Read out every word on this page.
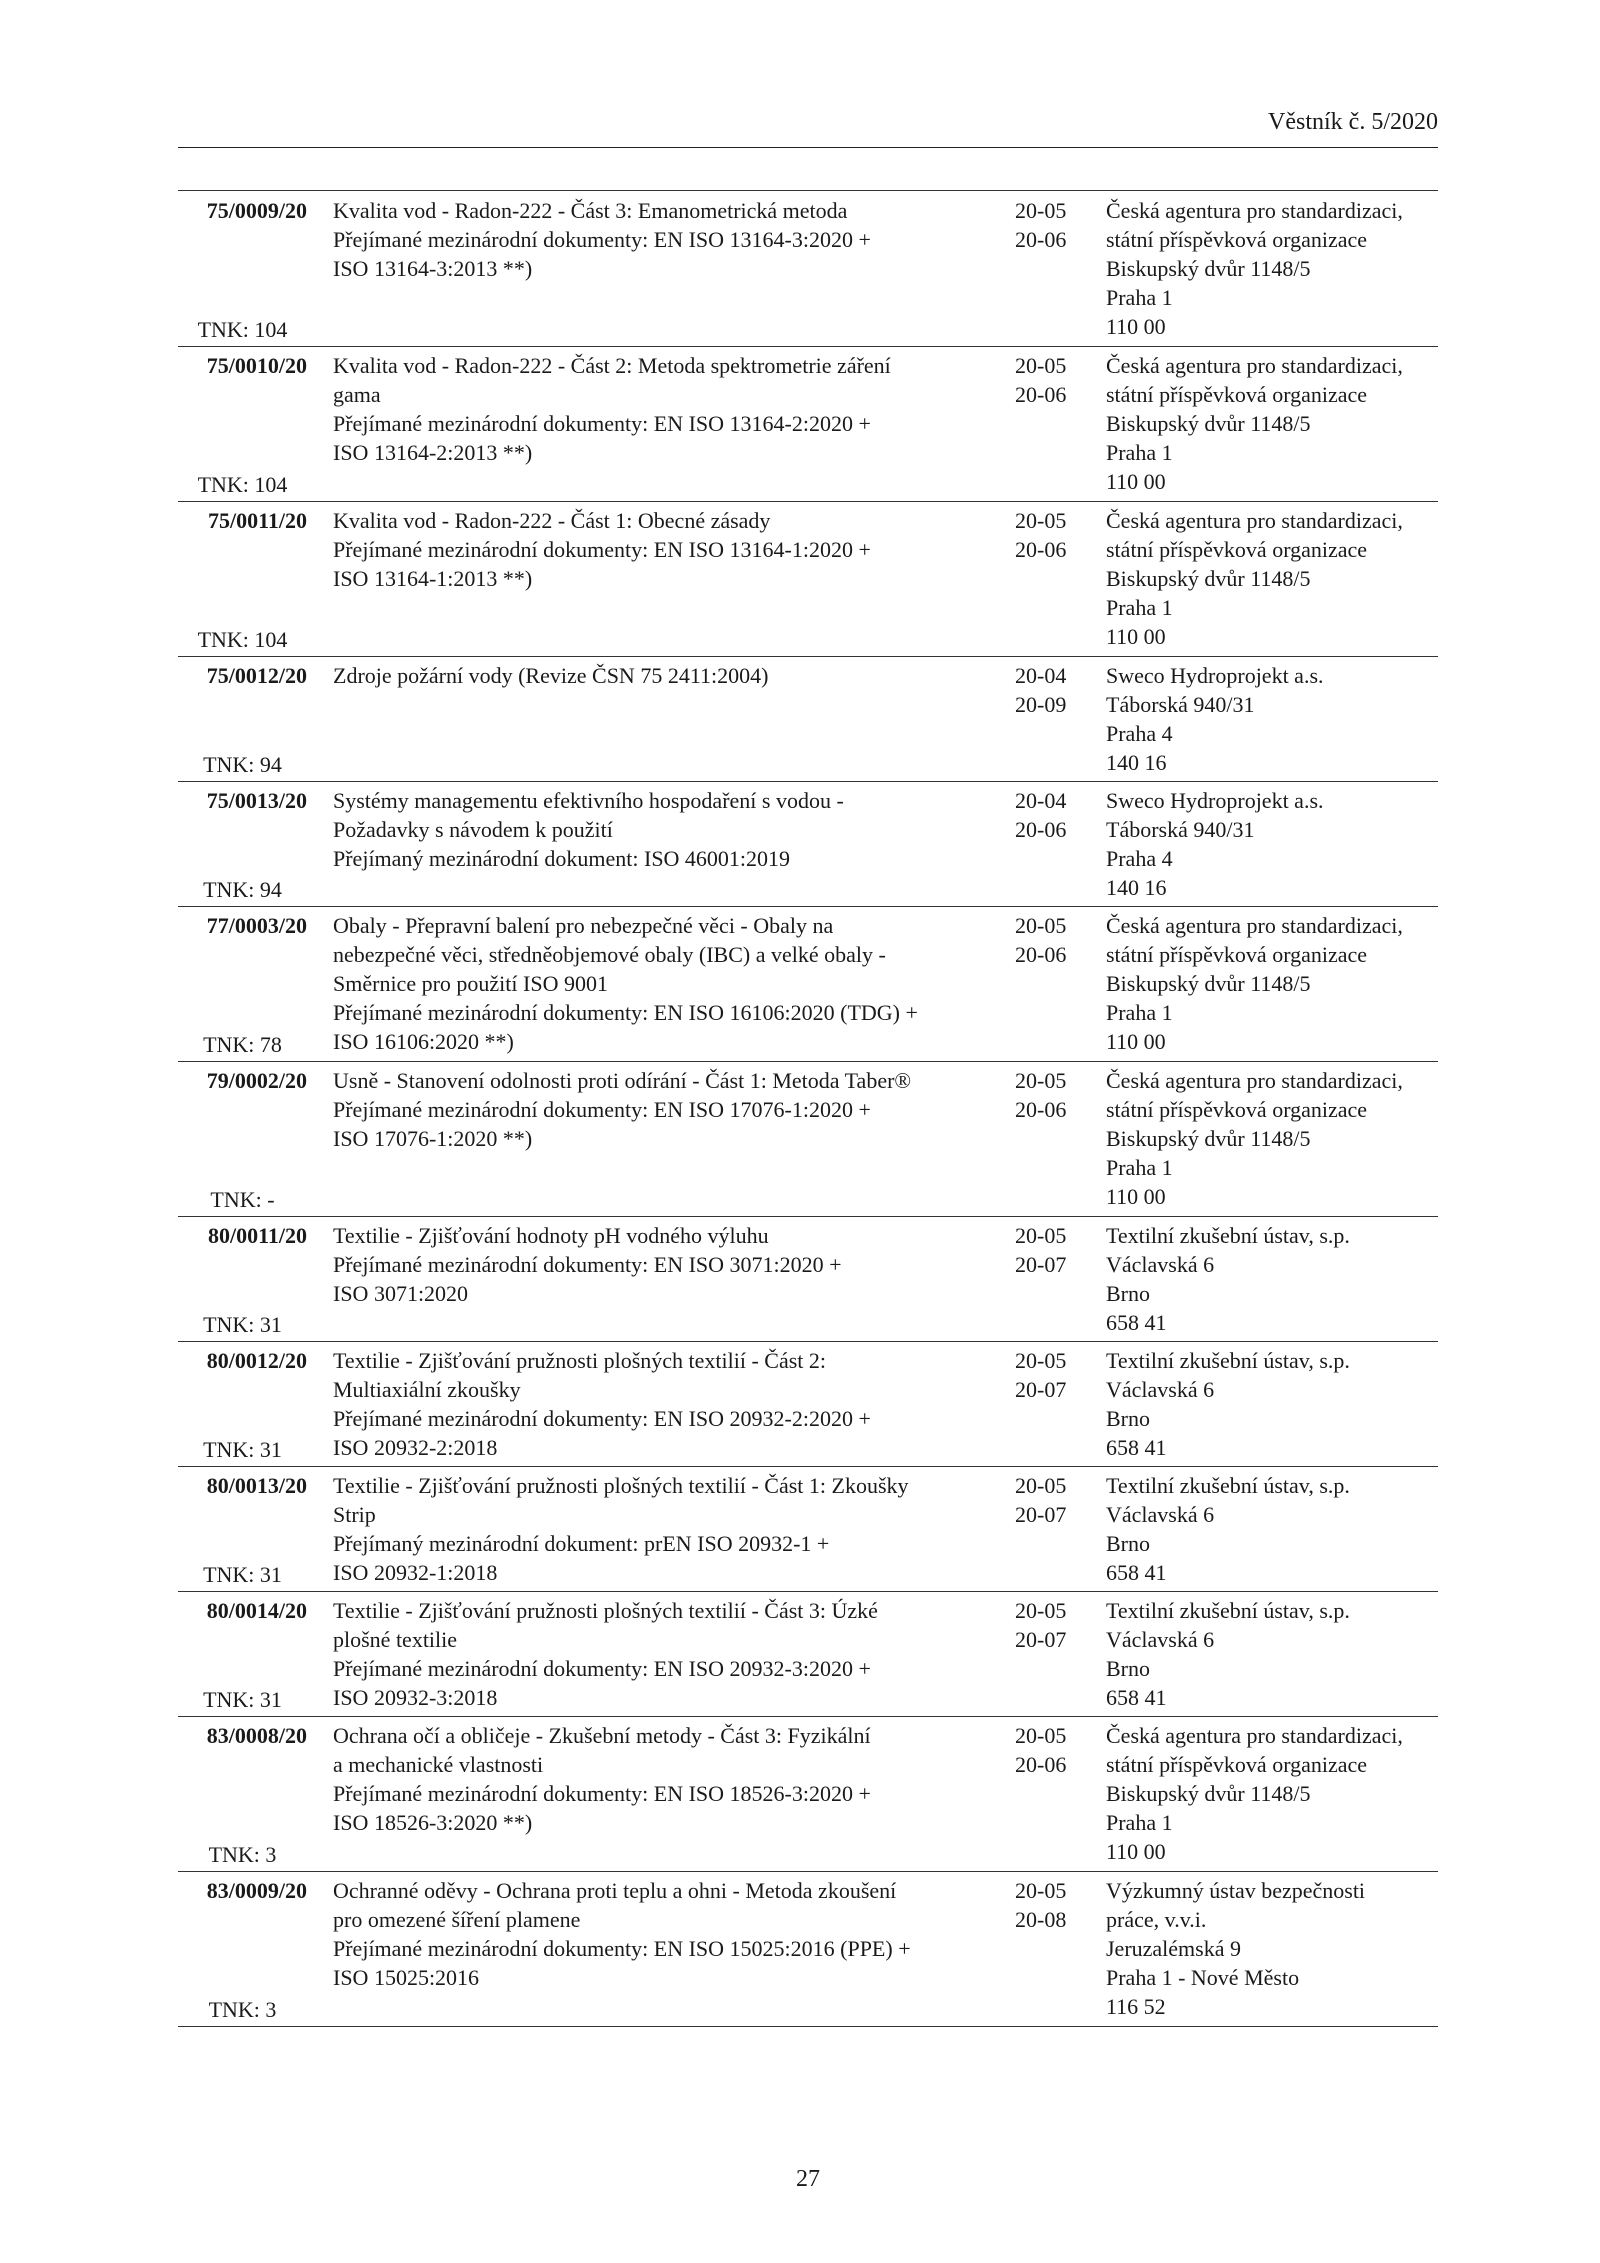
Věstník č. 5/2020
75/0009/20
TNK: 104
Kvalita vod - Radon-222 - Část 3: Emanometrická metoda
Přejímané mezinárodní dokumenty: EN ISO 13164-3:2020 +
ISO 13164-3:2013 **)
20-05
20-06
Česká agentura pro standardizaci,
státní příspěvková organizace
Biskupský dvůr 1148/5
Praha 1
110 00
75/0010/20
TNK: 104
Kvalita vod - Radon-222 - Část 2: Metoda spektrometrie záření
gama
Přejímané mezinárodní dokumenty: EN ISO 13164-2:2020 +
ISO 13164-2:2013 **)
20-05
20-06
Česká agentura pro standardizaci,
státní příspěvková organizace
Biskupský dvůr 1148/5
Praha 1
110 00
75/0011/20
TNK: 104
Kvalita vod - Radon-222 - Část 1: Obecné zásady
Přejímané mezinárodní dokumenty: EN ISO 13164-1:2020 +
ISO 13164-1:2013 **)
20-05
20-06
Česká agentura pro standardizaci,
státní příspěvková organizace
Biskupský dvůr 1148/5
Praha 1
110 00
75/0012/20
TNK: 94
Zdroje požární vody (Revize ČSN 75 2411:2004)	20-04
20-09
Sweco Hydroprojekt a.s.
Táborská 940/31
Praha 4
140 16
75/0013/20
TNK: 94
Systémy managementu efektivního hospodaření s vodou -
Požadavky s návodem k použití
Přejímaný mezinárodní dokument: ISO 46001:2019
20-04
20-06
Sweco Hydroprojekt a.s.
Táborská 940/31
Praha 4
140 16
77/0003/20
TNK: 78
Obaly - Přepravní balení pro nebezpečné věci - Obaly na
nebezpečné věci, středněobjemové obaly (IBC) a velké obaly -
Směrnice pro použití ISO 9001
Přejímané mezinárodní dokumenty: EN ISO 16106:2020 (TDG) +
ISO 16106:2020 **)
20-05
20-06
Česká agentura pro standardizaci,
státní příspěvková organizace
Biskupský dvůr 1148/5
Praha 1
110 00
79/0002/20
TNK: -
Usně - Stanovení odolnosti proti odírání - Část 1: Metoda Taber®
Přejímané mezinárodní dokumenty: EN ISO 17076-1:2020 +
ISO 17076-1:2020 **)
20-05
20-06
Česká agentura pro standardizaci,
státní příspěvková organizace
Biskupský dvůr 1148/5
Praha 1
110 00
80/0011/20
TNK: 31
Textilie - Zjišťování hodnoty pH vodného výluhu
Přejímané mezinárodní dokumenty: EN ISO 3071:2020 +
ISO 3071:2020
20-05
20-07
Textilní zkušební ústav, s.p.
Václavská 6
Brno
658 41
80/0012/20
TNK: 31
Textilie - Zjišťování pružnosti plošných textilií - Část 2:
Multiaxiální zkoušky
Přejímané mezinárodní dokumenty: EN ISO 20932-2:2020 +
ISO 20932-2:2018
20-05
20-07
Textilní zkušební ústav, s.p.
Václavská 6
Brno
658 41
80/0013/20
TNK: 31
Textilie - Zjišťování pružnosti plošných textilií - Část 1: Zkoušky
Strip
Přejímaný mezinárodní dokument: prEN ISO 20932-1 +
ISO 20932-1:2018
20-05
20-07
Textilní zkušební ústav, s.p.
Václavská 6
Brno
658 41
80/0014/20
TNK: 31
Textilie - Zjišťování pružnosti plošných textilií - Část 3: Úzké
plošné textilie
Přejímané mezinárodní dokumenty: EN ISO 20932-3:2020 +
ISO 20932-3:2018
20-05
20-07
Textilní zkušební ústav, s.p.
Václavská 6
Brno
658 41
83/0008/20
TNK: 3
Ochrana očí a obličeje - Zkušební metody - Část 3: Fyzikální
a mechanické vlastnosti
Přejímané mezinárodní dokumenty: EN ISO 18526-3:2020 +
ISO 18526-3:2020 **)
20-05
20-06
Česká agentura pro standardizaci,
státní příspěvková organizace
Biskupský dvůr 1148/5
Praha 1
110 00
83/0009/20
TNK: 3
Ochranné oděvy - Ochrana proti teplu a ohni - Metoda zkoušení
pro omezené šíření plamene
Přejímané mezinárodní dokumenty: EN ISO 15025:2016 (PPE) +
ISO 15025:2016
20-05
20-08
Výzkumný ústav bezpečnosti
práce, v.v.i.
Jeruzalémská 9
Praha 1 - Nové Město
116 52
27
